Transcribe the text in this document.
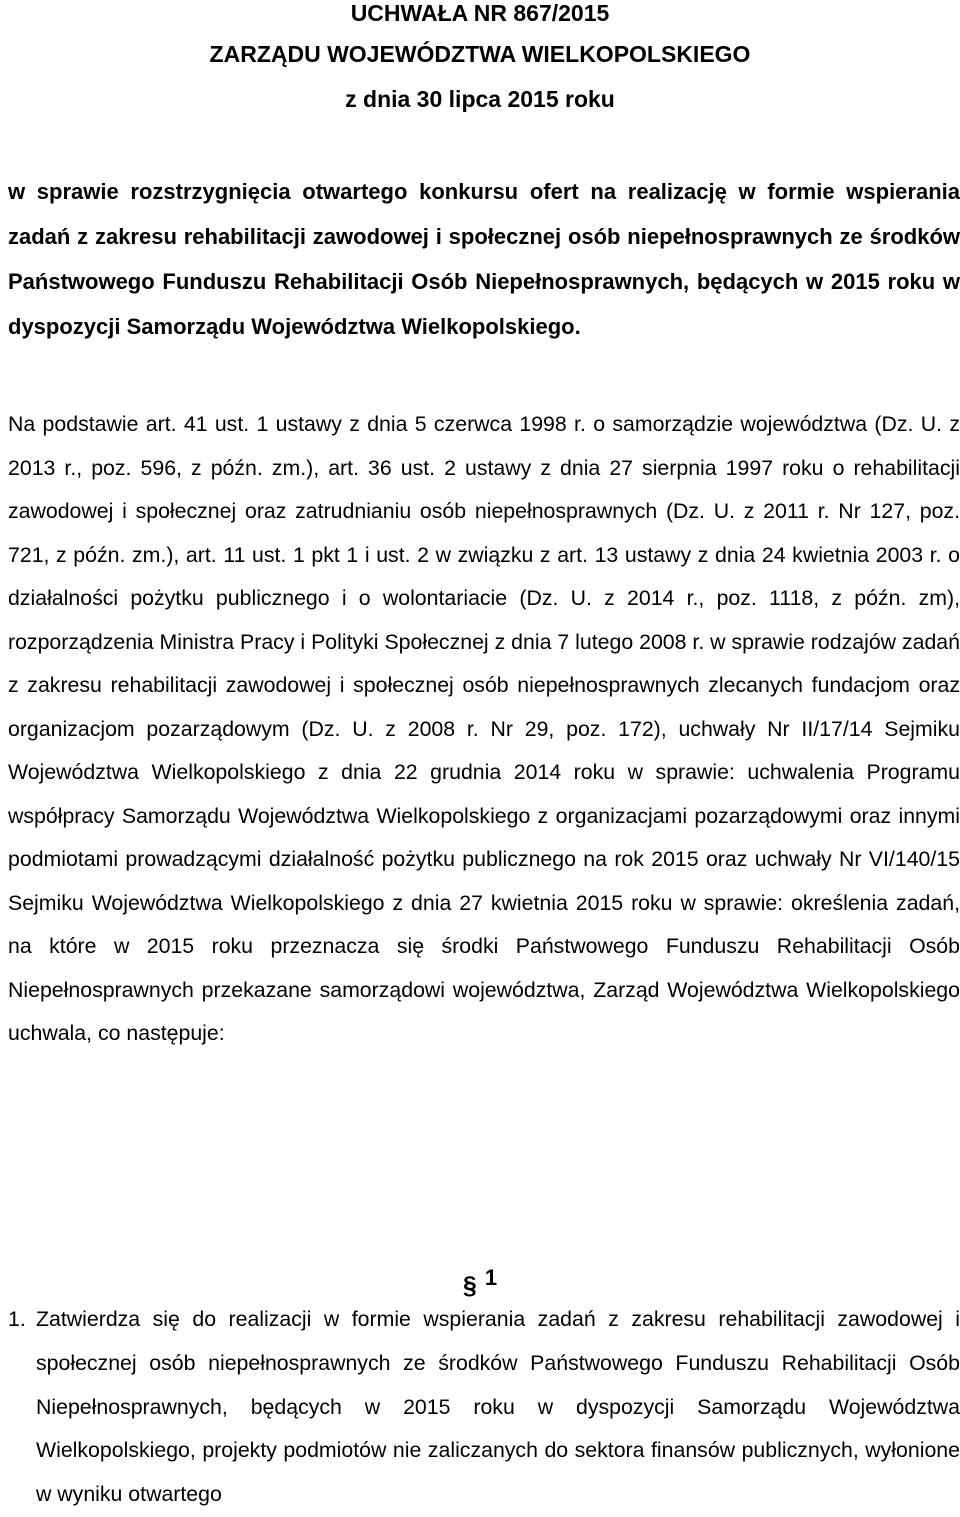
UCHWAŁA NR 867/2015
ZARZĄDU WOJEWÓDZTWA WIELKOPOLSKIEGO
z dnia 30 lipca 2015 roku
w sprawie rozstrzygnięcia otwartego konkursu ofert na realizację w formie wspierania zadań z zakresu rehabilitacji zawodowej i społecznej osób niepełnosprawnych ze środków Państwowego Funduszu Rehabilitacji Osób Niepełnosprawnych, będących w 2015 roku w dyspozycji Samorządu Województwa Wielkopolskiego.
Na podstawie art. 41 ust. 1 ustawy z dnia 5 czerwca 1998 r. o samorządzie województwa (Dz. U. z 2013 r., poz. 596, z późn. zm.), art. 36 ust. 2 ustawy z dnia 27 sierpnia 1997 roku o rehabilitacji zawodowej i społecznej oraz zatrudnianiu osób niepełnosprawnych (Dz. U. z 2011 r. Nr 127, poz. 721, z późn. zm.), art. 11 ust. 1 pkt 1 i ust. 2 w związku z art. 13 ustawy z dnia 24 kwietnia 2003 r. o działalności pożytku publicznego i o wolontariacie (Dz. U. z 2014 r., poz. 1118, z późn. zm), rozporządzenia Ministra Pracy i Polityki Społecznej z dnia 7 lutego 2008 r. w sprawie rodzajów zadań z zakresu rehabilitacji zawodowej i społecznej osób niepełnosprawnych zlecanych fundacjom oraz organizacjom pozarządowym (Dz. U. z 2008 r. Nr 29, poz. 172), uchwały Nr II/17/14 Sejmiku Województwa Wielkopolskiego z dnia 22 grudnia 2014 roku w sprawie: uchwalenia Programu współpracy Samorządu Województwa Wielkopolskiego z organizacjami pozarządowymi oraz innymi podmiotami prowadzącymi działalność pożytku publicznego na rok 2015 oraz uchwały Nr VI/140/15 Sejmiku Województwa Wielkopolskiego z dnia 27 kwietnia 2015 roku w sprawie: określenia zadań, na które w 2015 roku przeznacza się środki Państwowego Funduszu Rehabilitacji Osób Niepełnosprawnych przekazane samorządowi województwa, Zarząd Województwa Wielkopolskiego uchwala, co następuje:
§ 1
1. Zatwierdza się do realizacji w formie wspierania zadań z zakresu rehabilitacji zawodowej i społecznej osób niepełnosprawnych ze środków Państwowego Funduszu Rehabilitacji Osób Niepełnosprawnych, będących w 2015 roku w dyspozycji Samorządu Województwa Wielkopolskiego, projekty podmiotów nie zaliczanych do sektora finansów publicznych, wyłonione w wyniku otwartego
